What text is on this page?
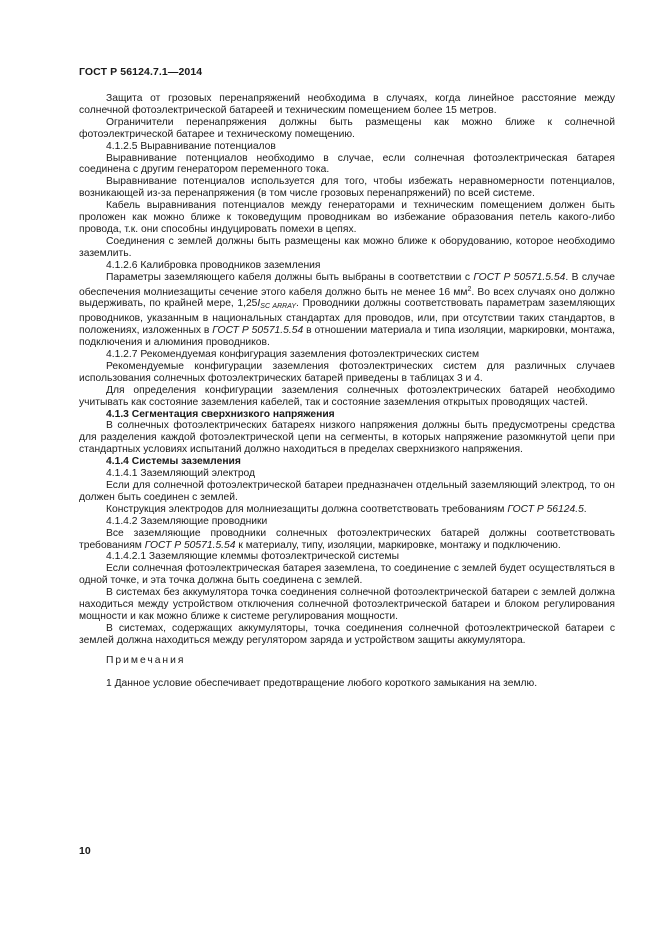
ГОСТ Р 56124.7.1—2014

Защита от грозовых перенапряжений необходима в случаях, когда линейное расстояние между солнечной фотоэлектрической батареей и техническим помещением более 15 метров.

Ограничители перенапряжения должны быть размещены как можно ближе к солнечной фотоэлектрической батарее и техническому помещению.

4.1.2.5 Выравнивание потенциалов

Выравнивание потенциалов необходимо в случае, если солнечная фотоэлектрическая батарея соединена с другим генератором переменного тока.

Выравнивание потенциалов используется для того, чтобы избежать неравномерности потенциалов, возникающей из-за перенапряжения (в том числе грозовых перенапряжений) по всей системе.

Кабель выравнивания потенциалов между генераторами и техническим помещением должен быть проложен как можно ближе к токоведущим проводникам во избежание образования петель какого-либо провода, т.к. они способны индуцировать помехи в цепях.

Соединения с землей должны быть размещены как можно ближе к оборудованию, которое необходимо заземлить.

4.1.2.6 Калибровка проводников заземления

Параметры заземляющего кабеля должны быть выбраны в соответствии с ГОСТ Р 50571.5.54. В случае обеспечения молниезащиты сечение этого кабеля должно быть не менее 16 $мм^2$. Во всех случаях оно должно выдерживать, по крайней мере, $1,25I_{SC ARRAY}$. Проводники должны соответствовать параметрам заземляющих проводников, указанным в национальных стандартах для проводов, или, при отсутствии таких стандартов, в положениях, изложенных в ГОСТ Р 50571.5.54 в отношении материала и типа изоляции, маркировки, монтажа, подключения и алюминия проводников.

4.1.2.7 Рекомендуемая конфигурация заземления фотоэлектрических систем

Рекомендуемые конфигурации заземления фотоэлектрических систем для различных случаев использования солнечных фотоэлектрических батарей приведены в таблицах 3 и 4.

Для определения конфигурации заземления солнечных фотоэлектрических батарей необходимо учитывать как состояние заземления кабелей, так и состояние заземления открытых проводящих частей.

4.1.3 Сегментация сверхнизкого напряжения

В солнечных фотоэлектрических батареях низкого напряжения должны быть предусмотрены средства для разделения каждой фотоэлектрической цепи на сегменты, в которых напряжение разомкнутой цепи при стандартных условиях испытаний должно находиться в пределах сверхнизкого напряжения.

4.1.4 Системы заземления

4.1.4.1 Заземляющий электрод

Если для солнечной фотоэлектрической батареи предназначен отдельный заземляющий электрод, то он должен быть соединен с землей.

Конструкция электродов для молниезащиты должна соответствовать требованиям ГОСТ Р 56124.5.

4.1.4.2 Заземляющие проводники

Все заземляющие проводники солнечных фотоэлектрических батарей должны соответствовать требованиям ГОСТ Р 50571.5.54 к материалу, типу, изоляции, маркировке, монтажу и подключению.

4.1.4.2.1 Заземляющие клеммы фотоэлектрической системы

Если солнечная фотоэлектрическая батарея заземлена, то соединение с землей будет осуществляться в одной точке, и эта точка должна быть соединена с землей.

В системах без аккумулятора точка соединения солнечной фотоэлектрической батареи с землей должна находиться между устройством отключения солнечной фотоэлектрической батареи и блоком регулирования мощности и как можно ближе к системе регулирования мощности.

В системах, содержащих аккумуляторы, точка соединения солнечной фотоэлектрической батареи с землей должна находиться между регулятором заряда и устройством защиты аккумулятора.

Примечания

1 Данное условие обеспечивает предотвращение любого короткого замыкания на землю.

10
